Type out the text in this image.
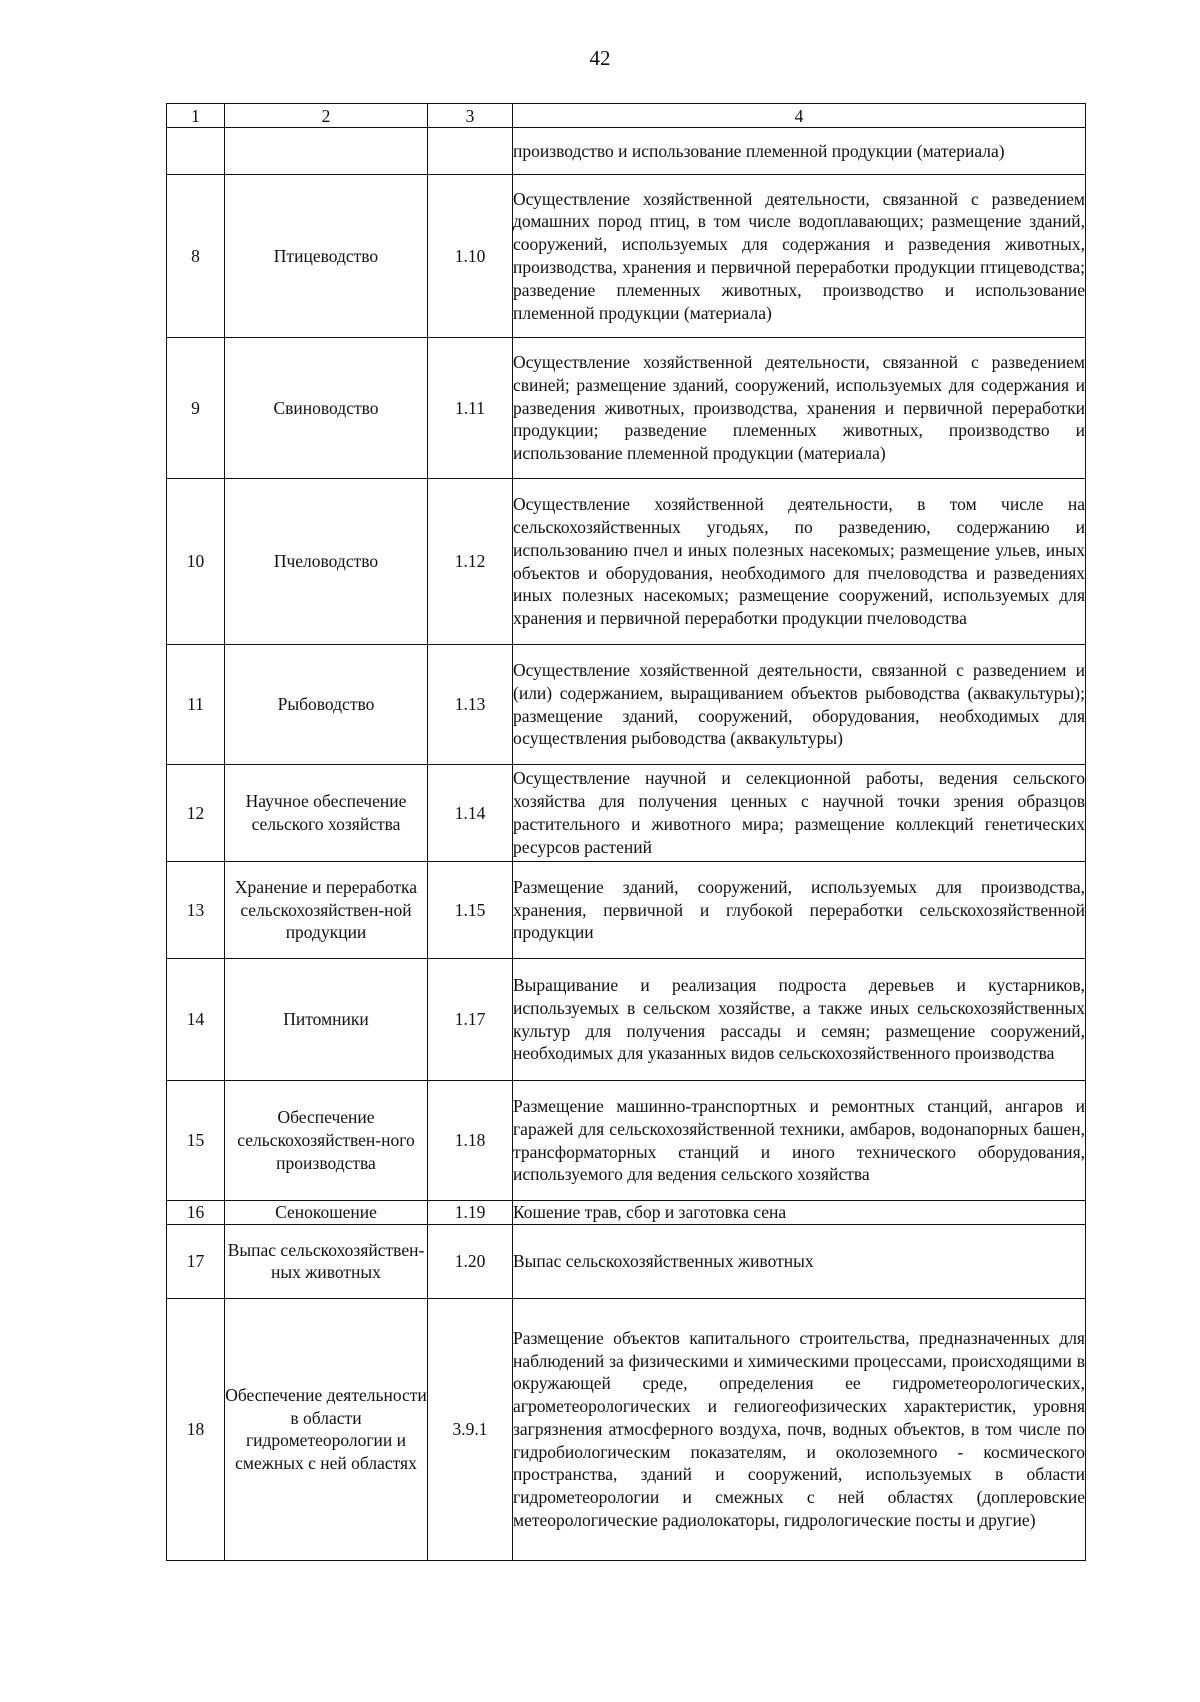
42
1	2	3	4
			производство и использование племенной продукции (материала)
8	Птицеводство	1.10	Осуществление хозяйственной деятельности, связанной с разведением домашних пород птиц, в том числе водоплавающих; размещение зданий, сооружений, используемых для содержания и разведения животных, производства, хранения и первичной переработки продукции птицеводства; разведение племенных животных, производство и использование племенной продукции (материала)
9	Свиноводство	1.11	Осуществление хозяйственной деятельности, связанной с разведением свиней; размещение зданий, сооружений, используемых для содержания и разведения животных, производства, хранения и первичной переработки продукции; разведение племенных животных, производство и использование племенной продукции (материала)
10	Пчеловодство	1.12	Осуществление хозяйственной деятельности, в том числе на сельскохозяйственных угодьях, по разведению, содержанию и использованию пчел и иных полезных насекомых; размещение ульев, иных объектов и оборудования, необходимого для пчеловодства и разведениях иных полезных насекомых; размещение сооружений, используемых для хранения и первичной переработки продукции пчеловодства
11	Рыбоводство	1.13	Осуществление хозяйственной деятельности, связанной с разведением и (или) содержанием, выращиванием объектов рыбоводства (аквакультуры); размещение зданий, сооружений, оборудования, необходимых для осуществления рыбоводства (аквакультуры)
12	Научное обеспечение сельского хозяйства	1.14	Осуществление научной и селекционной работы, ведения сельского хозяйства для получения ценных с научной точки зрения образцов растительного и животного мира; размещение коллекций генетических ресурсов растений
13	Хранение и переработка сельскохозяйствен-ной продукции	1.15	Размещение зданий, сооружений, используемых для производства, хранения, первичной и глубокой переработки сельскохозяйственной продукции
14	Питомники	1.17	Выращивание и реализация подроста деревьев и кустарников, используемых в сельском хозяйстве, а также иных сельскохозяйственных культур для получения рассады и семян; размещение сооружений, необходимых для указанных видов сельскохозяйственного производства
15	Обеспечение сельскохозяйствен-ного производства	1.18	Размещение машинно-транспортных и ремонтных станций, ангаров и гаражей для сельскохозяйственной техники, амбаров, водонапорных башен, трансформаторных станций и иного технического оборудования, используемого для ведения сельского хозяйства
16	Сенокошение	1.19	Кошение трав, сбор и заготовка сена
17	Выпас сельскохозяйствен-ных животных	1.20	Выпас сельскохозяйственных животных
18	Обеспечение деятельности в области гидрометеорологии и смежных с ней областях	3.9.1	Размещение объектов капитального строительства, предназначенных для наблюдений за физическими и химическими процессами, происходящими в окружающей среде, определения ее гидрометеорологических, агрометеорологических и гелиогеофизических характеристик, уровня загрязнения атмосферного воздуха, почв, водных объектов, в том числе по гидробиологическим показателям, и околоземного - космического пространства, зданий и сооружений, используемых в области гидрометеорологии и смежных с ней областях (доплеровские метеорологические радиолокаторы, гидрологические посты и другие)
